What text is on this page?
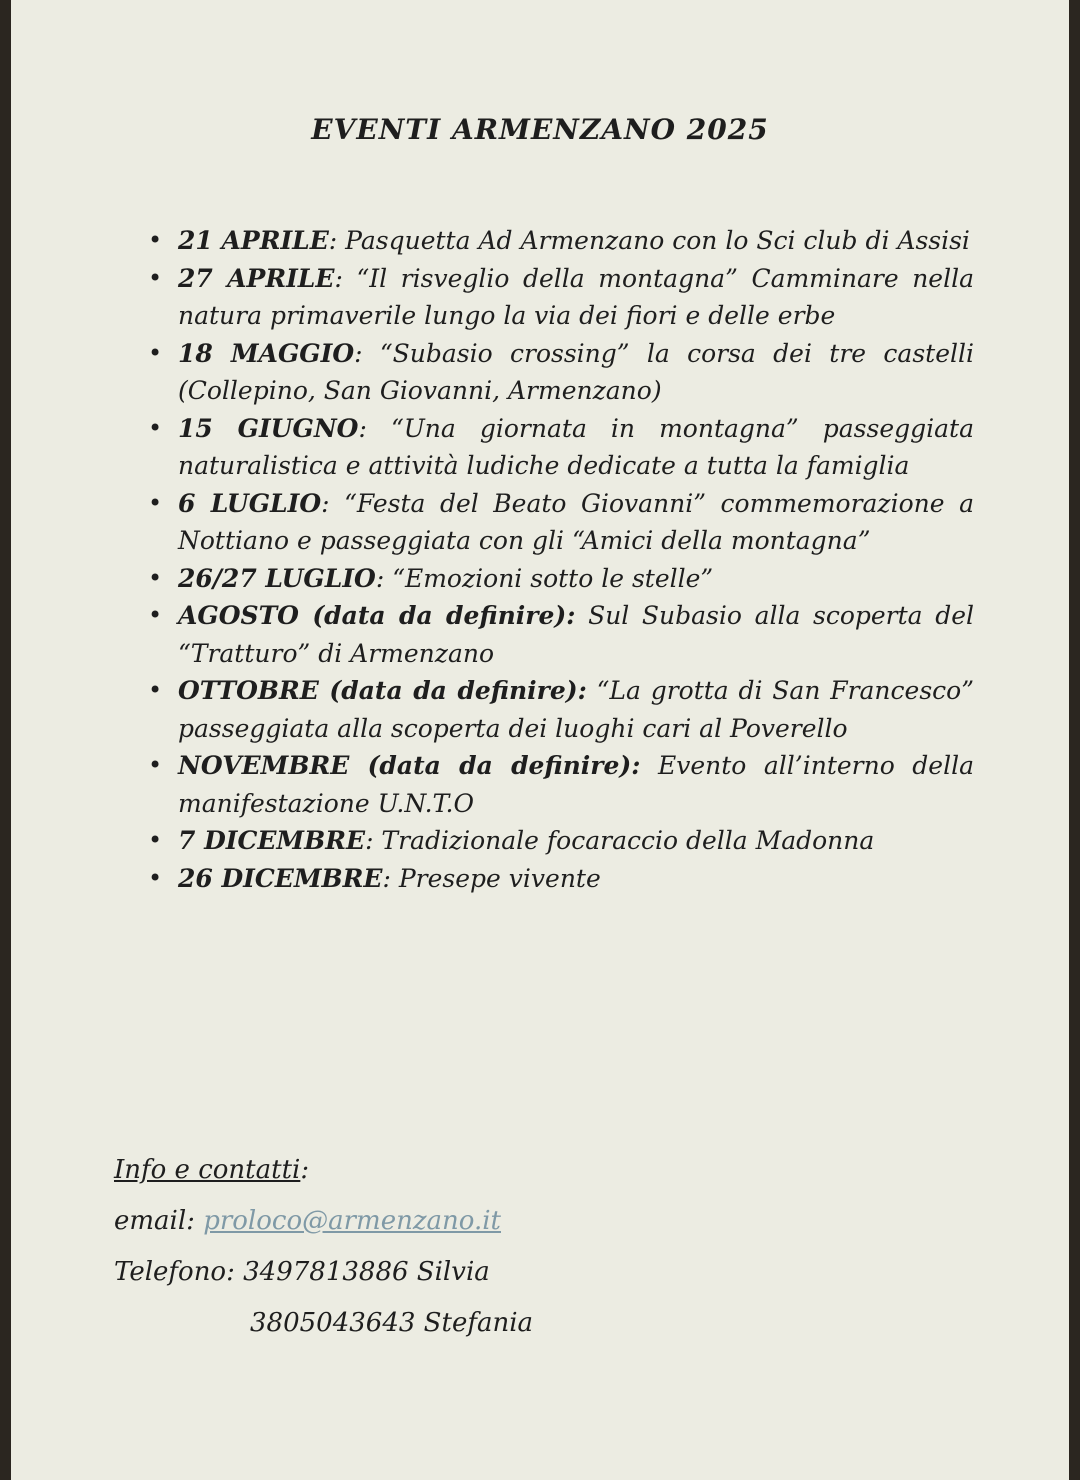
EVENTI ARMENZANO 2025
• 21 APRILE: Pasquetta Ad Armenzano con lo Sci club di Assisi
• 27 APRILE: “Il risveglio della montagna” Camminare nella natura primaverile lungo la via dei fiori e delle erbe
• 18 MAGGIO: “Subasio crossing” la corsa dei tre castelli (Collepino, San Giovanni, Armenzano)
• 15 GIUGNO: “Una giornata in montagna” passeggiata naturalistica e attività ludiche dedicate a tutta la famiglia
• 6 LUGLIO: “Festa del Beato Giovanni” commemorazione a Nottiano e passeggiata con gli “Amici della montagna”
• 26/27 LUGLIO: “Emozioni sotto le stelle”
• AGOSTO (data da definire): Sul Subasio alla scoperta del “Tratturo” di Armenzano
• OTTOBRE (data da definire): “La grotta di San Francesco” passeggiata alla scoperta dei luoghi cari al Poverello
• NOVEMBRE (data da definire): Evento all’interno della manifestazione U.N.T.O
• 7 DICEMBRE: Tradizionale focaraccio della Madonna
• 26 DICEMBRE: Presepe vivente
Info e contatti:
email: proloco@armenzano.it
Telefono: 3497813886 Silvia
3805043643 Stefania
